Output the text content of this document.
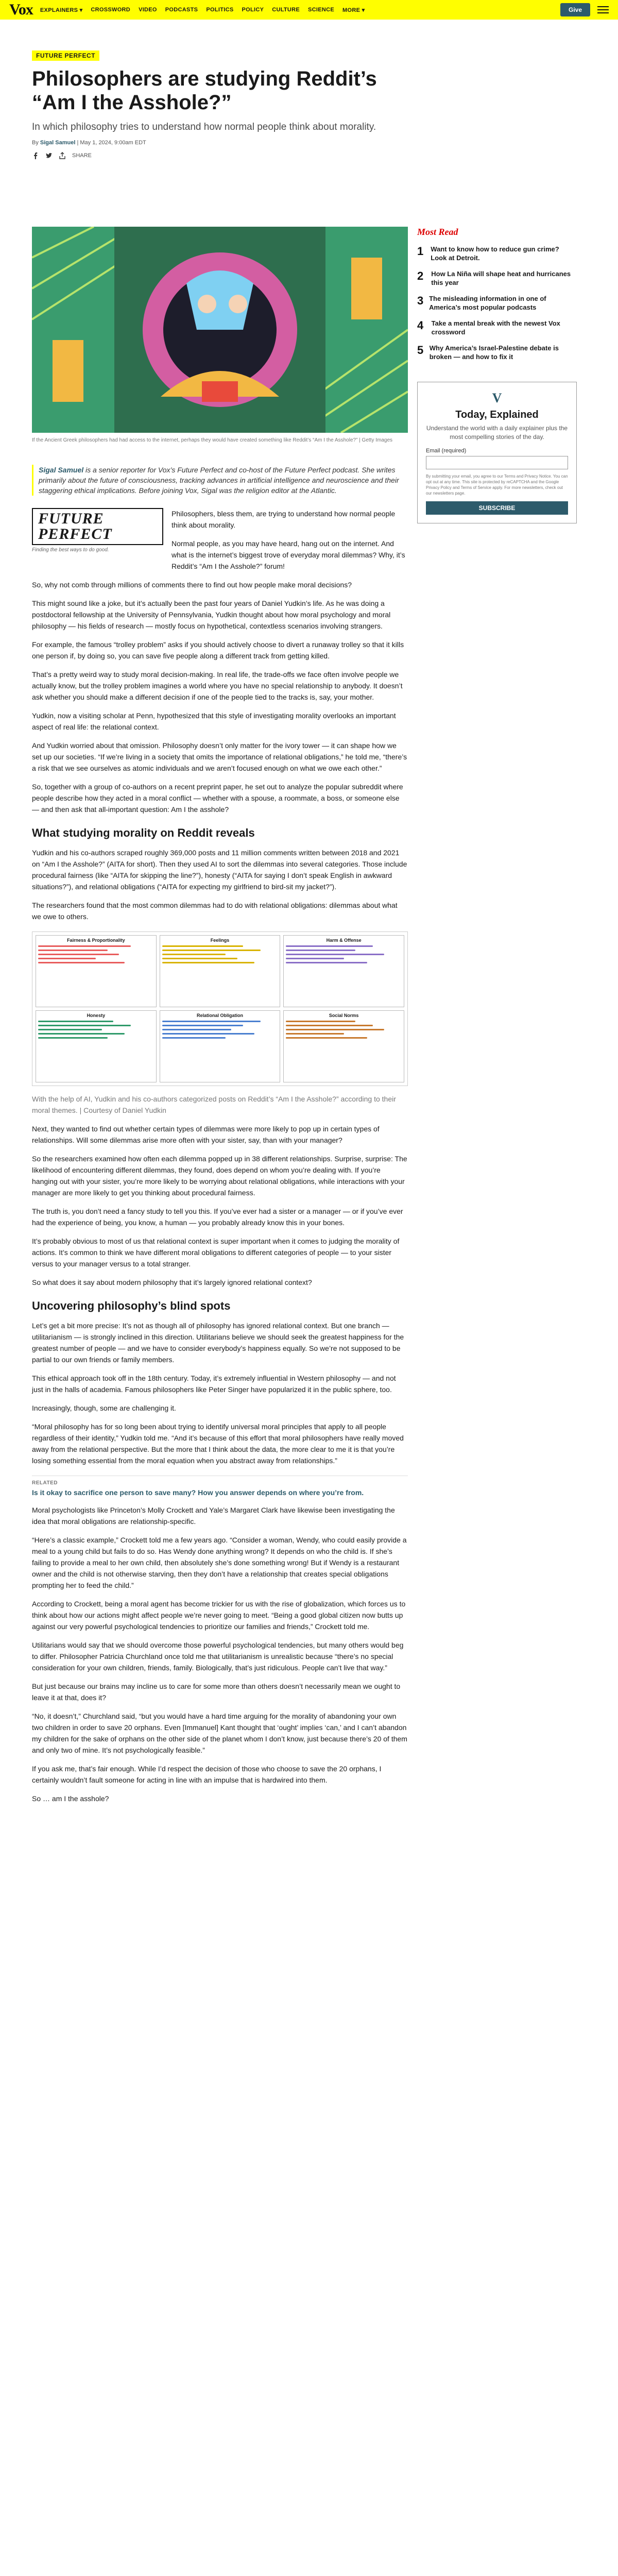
Vox EXPLAINERS ▾ CROSSWORD VIDEO PODCASTS POLITICS POLICY CULTURE SCIENCE MORE ▾	Give
FUTURE PERFECT
Philosophers are studying Reddit’s “Am I the Asshole?”

In which philosophy tries to understand how normal people think about morality.

By Sigal Samuel | May 1, 2024, 9:00am EDT
SHARE

If the Ancient Greek philosophers had had access to the internet, perhaps they would have created something like Reddit’s “Am I the Asshole?” | Getty Images

Sigal Samuel is a senior reporter for Vox’s Future Perfect and co-host of the Future Perfect podcast. She writes primarily about the future of consciousness, tracking advances in artificial intelligence and neuroscience and their staggering ethical implications. Before joining Vox, Sigal was the religion editor at the Atlantic.

FUTURE PERFECT
Finding the best ways to do good.

Philosophers, bless them, are trying to understand how normal people think about morality.

Normal people, as you may have heard, hang out on the internet. And what is the internet’s biggest trove of everyday moral dilemmas? Why, it’s Reddit’s “Am I the Asshole?” forum!

So, why not comb through millions of comments there to find out how people make moral decisions?

This might sound like a joke, but it’s actually been the past four years of Daniel Yudkin’s life. As he was doing a postdoctoral fellowship at the University of Pennsylvania, Yudkin thought about how moral psychology and moral philosophy — his fields of research — mostly focus on hypothetical, contextless scenarios involving strangers.

For example, the famous “trolley problem” asks if you should actively choose to divert a runaway trolley so that it kills one person if, by doing so, you can save five people along a different track from getting killed.

That’s a pretty weird way to study moral decision-making. In real life, the trade-offs we face often involve people we actually know, but the trolley problem imagines a world where you have no special relationship to anybody. It doesn’t ask whether you should make a different decision if one of the people tied to the tracks is, say, your mother.

Yudkin, now a visiting scholar at Penn, hypothesized that this style of investigating morality overlooks an important aspect of real life: the relational context.

And Yudkin worried about that omission. Philosophy doesn’t only matter for the ivory tower — it can shape how we set up our societies. “If we’re living in a society that omits the importance of relational obligations,” he told me, “there’s a risk that we see ourselves as atomic individuals and we aren’t focused enough on what we owe each other.”

So, together with a group of co-authors on a recent preprint paper, he set out to analyze the popular subreddit where people describe how they acted in a moral conflict — whether with a spouse, a roommate, a boss, or someone else — and then ask that all-important question: Am I the asshole?

What studying morality on Reddit reveals

Yudkin and his co-authors scraped roughly 369,000 posts and 11 million comments written between 2018 and 2021 on “Am I the Asshole?” (AITA for short). Then they used AI to sort the dilemmas into several categories. Those include procedural fairness (like “AITA for skipping the line?”), honesty (“AITA for saying I don’t speak English in awkward situations?”), and relational obligations (“AITA for expecting my girlfriend to bird-sit my jacket?”).

The researchers found that the most common dilemmas had to do with relational obligations: dilemmas about what we owe to others.

Fairness & Proportionality	Feelings	Harm & Offense
Honesty	Relational Obligation	Social Norms

With the help of AI, Yudkin and his co-authors categorized posts on Reddit’s “Am I the Asshole?” according to their moral themes. | Courtesy of Daniel Yudkin

Next, they wanted to find out whether certain types of dilemmas were more likely to pop up in certain types of relationships. Will some dilemmas arise more often with your sister, say, than with your manager?

So the researchers examined how often each dilemma popped up in 38 different relationships. Surprise, surprise: The likelihood of encountering different dilemmas, they found, does depend on whom you’re dealing with. If you’re hanging out with your sister, you’re more likely to be worrying about relational obligations, while interactions with your manager are more likely to get you thinking about procedural fairness.

The truth is, you don’t need a fancy study to tell you this. If you’ve ever had a sister or a manager — or if you’ve ever had the experience of being, you know, a human — you probably already know this in your bones.

It’s probably obvious to most of us that relational context is super important when it comes to judging the morality of actions. It’s common to think we have different moral obligations to different categories of people — to your sister versus to your manager versus to a total stranger.

So what does it say about modern philosophy that it’s largely ignored relational context?

Uncovering philosophy’s blind spots

Let’s get a bit more precise: It’s not as though all of philosophy has ignored relational context. But one branch — utilitarianism — is strongly inclined in this direction. Utilitarians believe we should seek the greatest happiness for the greatest number of people — and we have to consider everybody’s happiness equally. So we’re not supposed to be partial to our own friends or family members.

This ethical approach took off in the 18th century. Today, it’s extremely influential in Western philosophy — and not just in the halls of academia. Famous philosophers like Peter Singer have popularized it in the public sphere, too.

Increasingly, though, some are challenging it.

“Moral philosophy has for so long been about trying to identify universal moral principles that apply to all people regardless of their identity,” Yudkin told me. “And it’s because of this effort that moral philosophers have really moved away from the relational perspective. But the more that I think about the data, the more clear to me it is that you’re losing something essential from the moral equation when you abstract away from relationships.”

RELATED
Is it okay to sacrifice one person to save many? How you answer depends on where you’re from.

Moral psychologists like Princeton’s Molly Crockett and Yale’s Margaret Clark have likewise been investigating the idea that moral obligations are relationship-specific.

“Here’s a classic example,” Crockett told me a few years ago. “Consider a woman, Wendy, who could easily provide a meal to a young child but fails to do so. Has Wendy done anything wrong? It depends on who the child is. If she’s failing to provide a meal to her own child, then absolutely she’s done something wrong! But if Wendy is a restaurant owner and the child is not otherwise starving, then they don’t have a relationship that creates special obligations prompting her to feed the child.”

According to Crockett, being a moral agent has become trickier for us with the rise of globalization, which forces us to think about how our actions might affect people we’re never going to meet. “Being a good global citizen now butts up against our very powerful psychological tendencies to prioritize our families and friends,” Crockett told me.

Utilitarians would say that we should overcome those powerful psychological tendencies, but many others would beg to differ. Philosopher Patricia Churchland once told me that utilitarianism is unrealistic because “there’s no special consideration for your own children, friends, family. Biologically, that’s just ridiculous. People can’t live that way.”

But just because our brains may incline us to care for some more than others doesn’t necessarily mean we ought to leave it at that, does it?

“No, it doesn’t,” Churchland said, “but you would have a hard time arguing for the morality of abandoning your own two children in order to save 20 orphans. Even [Immanuel] Kant thought that ‘ought’ implies ‘can,’ and I can’t abandon my children for the sake of orphans on the other side of the planet whom I don’t know, just because there’s 20 of them and only two of mine. It’s not psychologically feasible.”

If you ask me, that’s fair enough. While I’d respect the decision of those who choose to save the 20 orphans, I certainly wouldn’t fault someone for acting in line with an impulse that is hardwired into them.

So … am I the asshole?

Most Read
1	Want to know how to reduce gun crime? Look at Detroit.
2	How La Niña will shape heat and hurricanes this year
3 The misleading information in one of America’s most popular podcasts
4	Take a mental break with the newest Vox crossword
5 Why America’s Israel-Palestine debate is broken — and how to fix it
V
Today, Explained

Understand the world with a daily explainer plus the most compelling stories of the day.

Email (required)
By submitting your email, you agree to our Terms and Privacy Notice. You can opt out at any time. This site is protected by reCAPTCHA and the Google Privacy Policy and Terms of Service apply. For more newsletters, check out our newsletters page.
SUBSCRIBE
